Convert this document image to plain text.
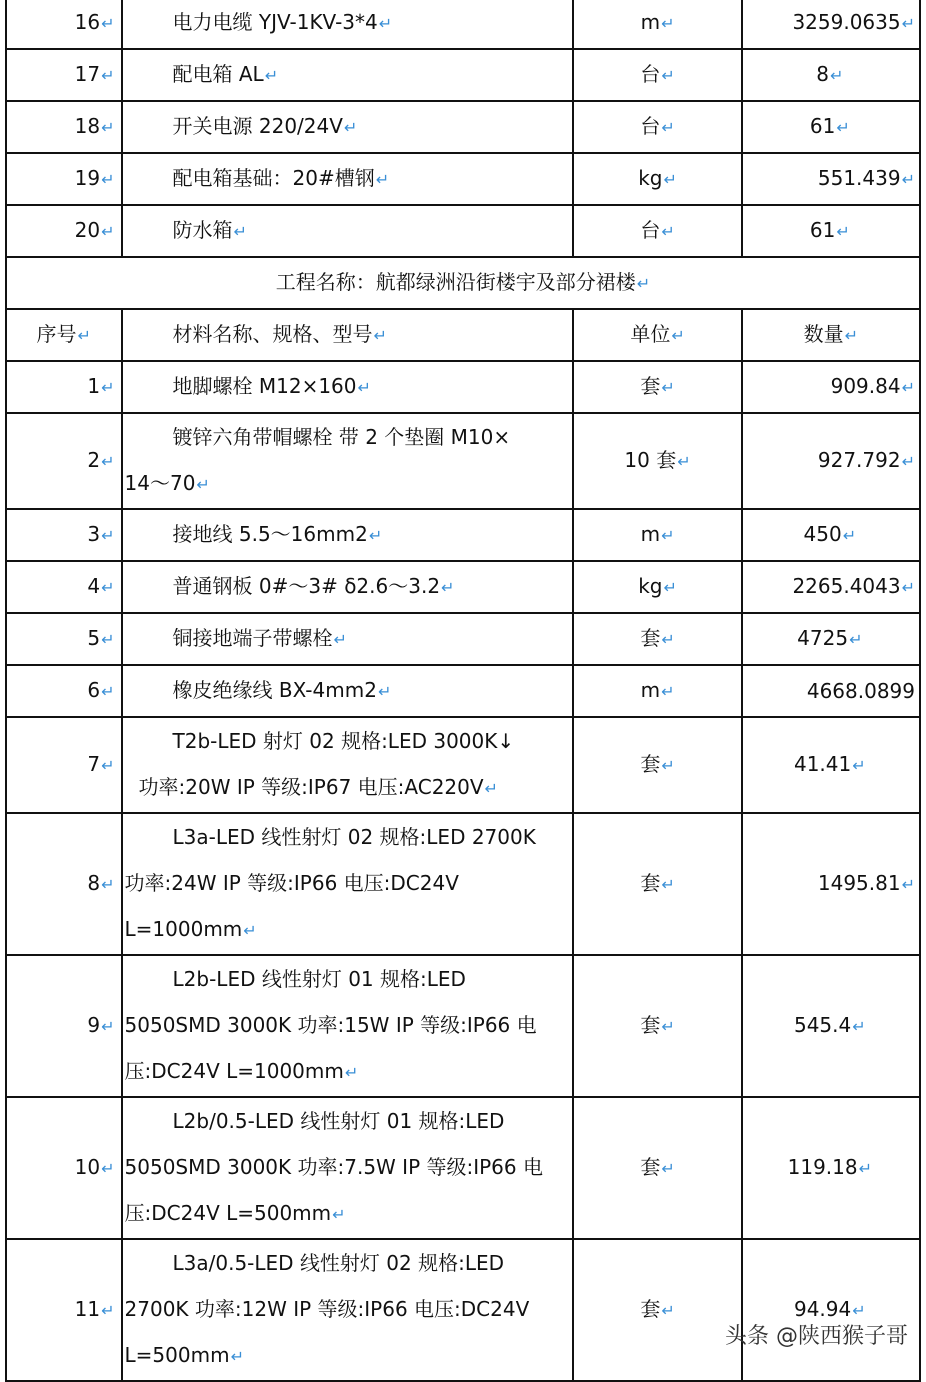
16↵	电力电缆 YJV-1KV-3*4↵	m↵	3259.0635↵
17↵	配电箱 AL↵	台↵	8↵
18↵	开关电源 220/24V↵	台↵	61↵
19↵	配电箱基础：20#槽钢↵	kg↵	551.439↵
20↵	防水箱↵	台↵	61↵
工程名称：航都绿洲沿街楼宇及部分裙楼↵			
序号↵	材料名称、规格、型号↵	单位↵	数量↵
1↵	地脚螺栓 M12×160↵	套↵	909.84↵
2↵	镀锌六角带帽螺栓 带 2 个垫圈 M10×
14～70↵	10 套↵	927.792↵
3↵	接地线 5.5～16mm2↵	m↵	450↵
4↵	普通钢板 0#～3# δ2.6～3.2↵	kg↵	2265.4043↵
5↵	铜接地端子带螺栓↵	套↵	4725↵
6↵	橡皮绝缘线 BX-4mm2↵	m↵	4668.0899
7↵	T2b-LED 射灯 02 规格:LED 3000K↓
功率:20W IP 等级:IP67 电压:AC220V↵	套↵	41.41↵
8↵	L3a-LED 线性射灯 02 规格:LED 2700K
功率:24W IP 等级:IP66 电压:DC24V
L=1000mm↵	套↵	1495.81↵
9↵	L2b-LED 线性射灯 01 规格:LED
5050SMD 3000K 功率:15W IP 等级:IP66 电
压:DC24V L=1000mm↵	套↵	545.4↵
10↵	L2b/0.5-LED 线性射灯 01 规格:LED
5050SMD 3000K 功率:7.5W IP 等级:IP66 电
压:DC24V L=500mm↵	套↵	119.18↵
11↵	L3a/0.5-LED 线性射灯 02 规格:LED
2700K 功率:12W IP 等级:IP66 电压:DC24V
L=500mm↵	套↵	94.94↵
头条 @陕西猴子哥
